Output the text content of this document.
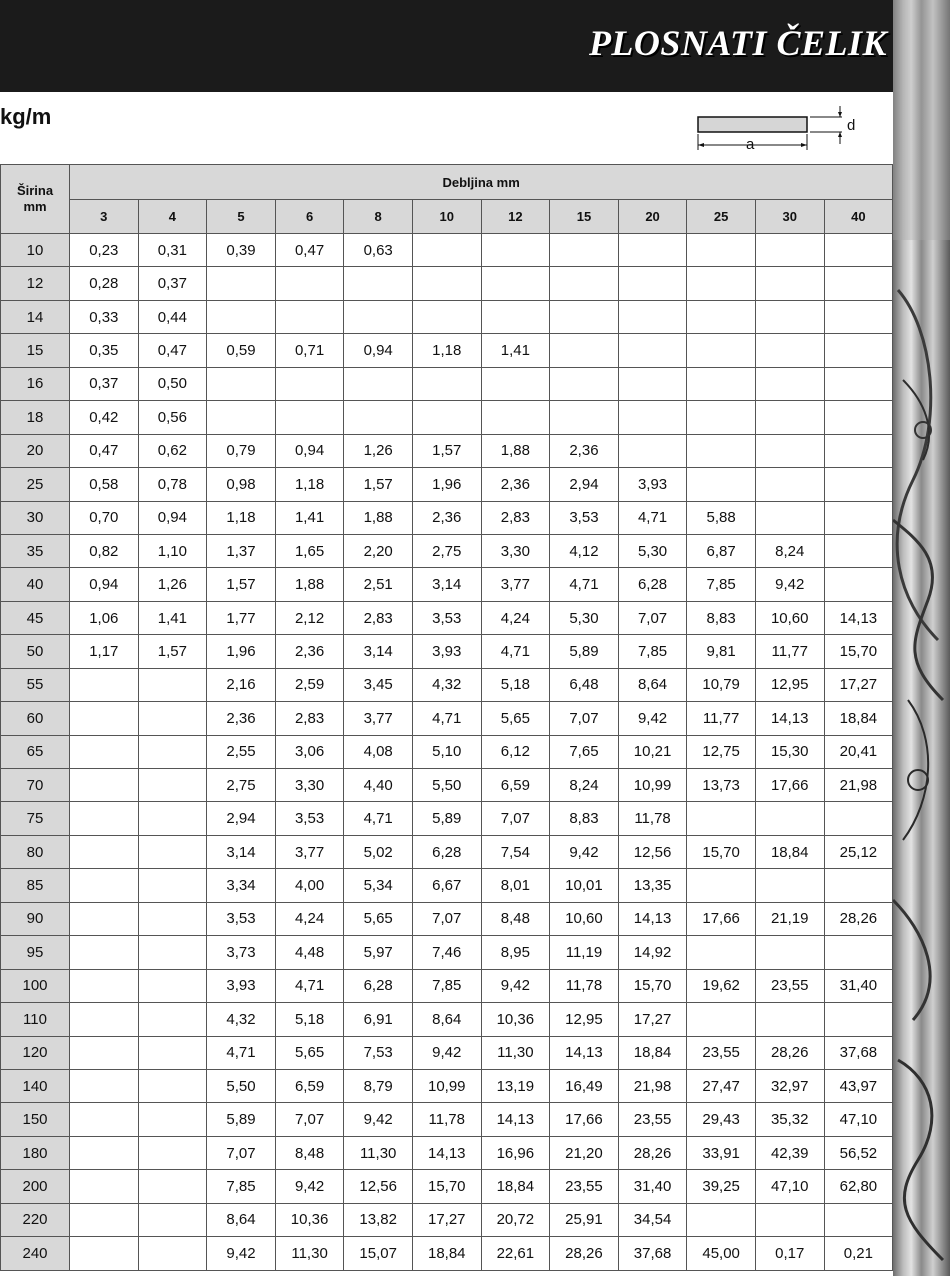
PLOSNATI ČELIK
kg/m	d
a
Širina
mm	Debljina mm											
	3	4	5	6	8	10	12	15	20	25	30	40
10	0,23	0,31	0,39	0,47	0,63							
12	0,28	0,37										
14	0,33	0,44										
15	0,35	0,47	0,59	0,71	0,94	1,18	1,41					
16	0,37	0,50										
18	0,42	0,56										
20	0,47	0,62	0,79	0,94	1,26	1,57	1,88	2,36				
25	0,58	0,78	0,98	1,18	1,57	1,96	2,36	2,94	3,93			
30	0,70	0,94	1,18	1,41	1,88	2,36	2,83	3,53	4,71	5,88		
35	0,82	1,10	1,37	1,65	2,20	2,75	3,30	4,12	5,30	6,87	8,24	
40	0,94	1,26	1,57	1,88	2,51	3,14	3,77	4,71	6,28	7,85	9,42	
45	1,06	1,41	1,77	2,12	2,83	3,53	4,24	5,30	7,07	8,83	10,60	14,13
50	1,17	1,57	1,96	2,36	3,14	3,93	4,71	5,89	7,85	9,81	11,77	15,70
55			2,16	2,59	3,45	4,32	5,18	6,48	8,64	10,79	12,95	17,27
60			2,36	2,83	3,77	4,71	5,65	7,07	9,42	11,77	14,13	18,84
65			2,55	3,06	4,08	5,10	6,12	7,65	10,21	12,75	15,30	20,41
70			2,75	3,30	4,40	5,50	6,59	8,24	10,99	13,73	17,66	21,98
75			2,94	3,53	4,71	5,89	7,07	8,83	11,78			
80			3,14	3,77	5,02	6,28	7,54	9,42	12,56	15,70	18,84	25,12
85			3,34	4,00	5,34	6,67	8,01	10,01	13,35			
90			3,53	4,24	5,65	7,07	8,48	10,60	14,13	17,66	21,19	28,26
95			3,73	4,48	5,97	7,46	8,95	11,19	14,92			
100			3,93	4,71	6,28	7,85	9,42	11,78	15,70	19,62	23,55	31,40
110			4,32	5,18	6,91	8,64	10,36	12,95	17,27			
120			4,71	5,65	7,53	9,42	11,30	14,13	18,84	23,55	28,26	37,68
140			5,50	6,59	8,79	10,99	13,19	16,49	21,98	27,47	32,97	43,97
150			5,89	7,07	9,42	11,78	14,13	17,66	23,55	29,43	35,32	47,10
180			7,07	8,48	11,30	14,13	16,96	21,20	28,26	33,91	42,39	56,52
200			7,85	9,42	12,56	15,70	18,84	23,55	31,40	39,25	47,10	62,80
220			8,64	10,36	13,82	17,27	20,72	25,91	34,54			
240			9,42	11,30	15,07	18,84	22,61	28,26	37,68	45,00	0,17	0,21
